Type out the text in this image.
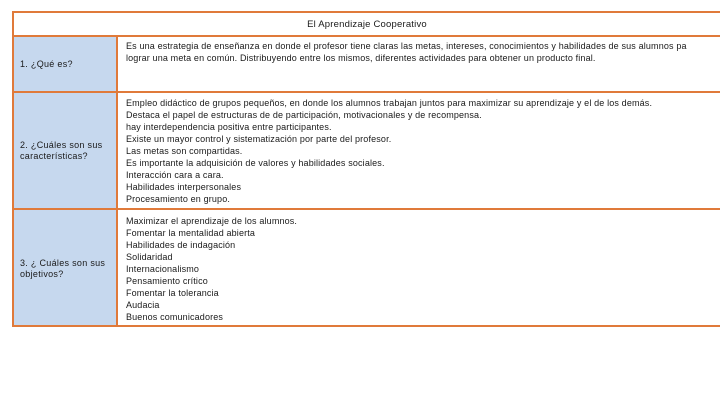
El Aprendizaje Cooperativo
1. ¿Qué es?
Es una estrategia de enseñanza en donde el profesor tiene claras las metas, intereses, conocimientos y habilidades de sus alumnos pa
lograr una meta en común. Distribuyendo entre los mismos, diferentes actividades para obtener un producto final.
2. ¿Cuáles son sus características?
Empleo didáctico de grupos pequeños, en donde los alumnos trabajan juntos para maximizar su aprendizaje y el de los demás.
Destaca el papel de estructuras de de participación, motivacionales y de recompensa.
hay interdependencia positiva entre participantes.
Existe un mayor control y sistematización por parte del profesor.
Las metas son compartidas.
Es importante la adquisición de valores y habilidades sociales.
Interacción cara a cara.
Habilidades interpersonales
Procesamiento en grupo.
3. ¿ Cuáles son sus objetivos?
Maximizar el aprendizaje de los alumnos.
Fomentar la mentalidad abierta
Habilidades de indagación
Solidaridad
Internacionalismo
Pensamiento crítico
Fomentar la tolerancia
Audacia
Buenos comunicadores
